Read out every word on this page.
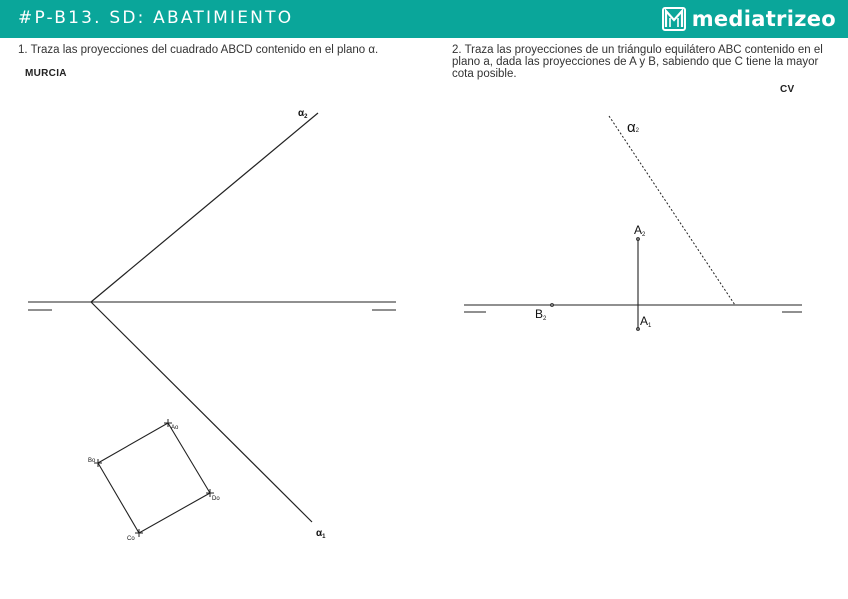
#P-B13. SD: ABATIMIENTO	mediatrizeo
1. Traza las proyecciones del cuadrado ABCD contenido en el plano α.
MURCIA
2. Traza las proyecciones de un triángulo equilátero ABC contenido en el plano a, dada las proyecciones de A y B, sabiendo que C tiene la mayor cota posible.
CV
$\alpha_2$
$\alpha_1$
Ao
Bo
Co
Do
α2
A2
A1
B2
